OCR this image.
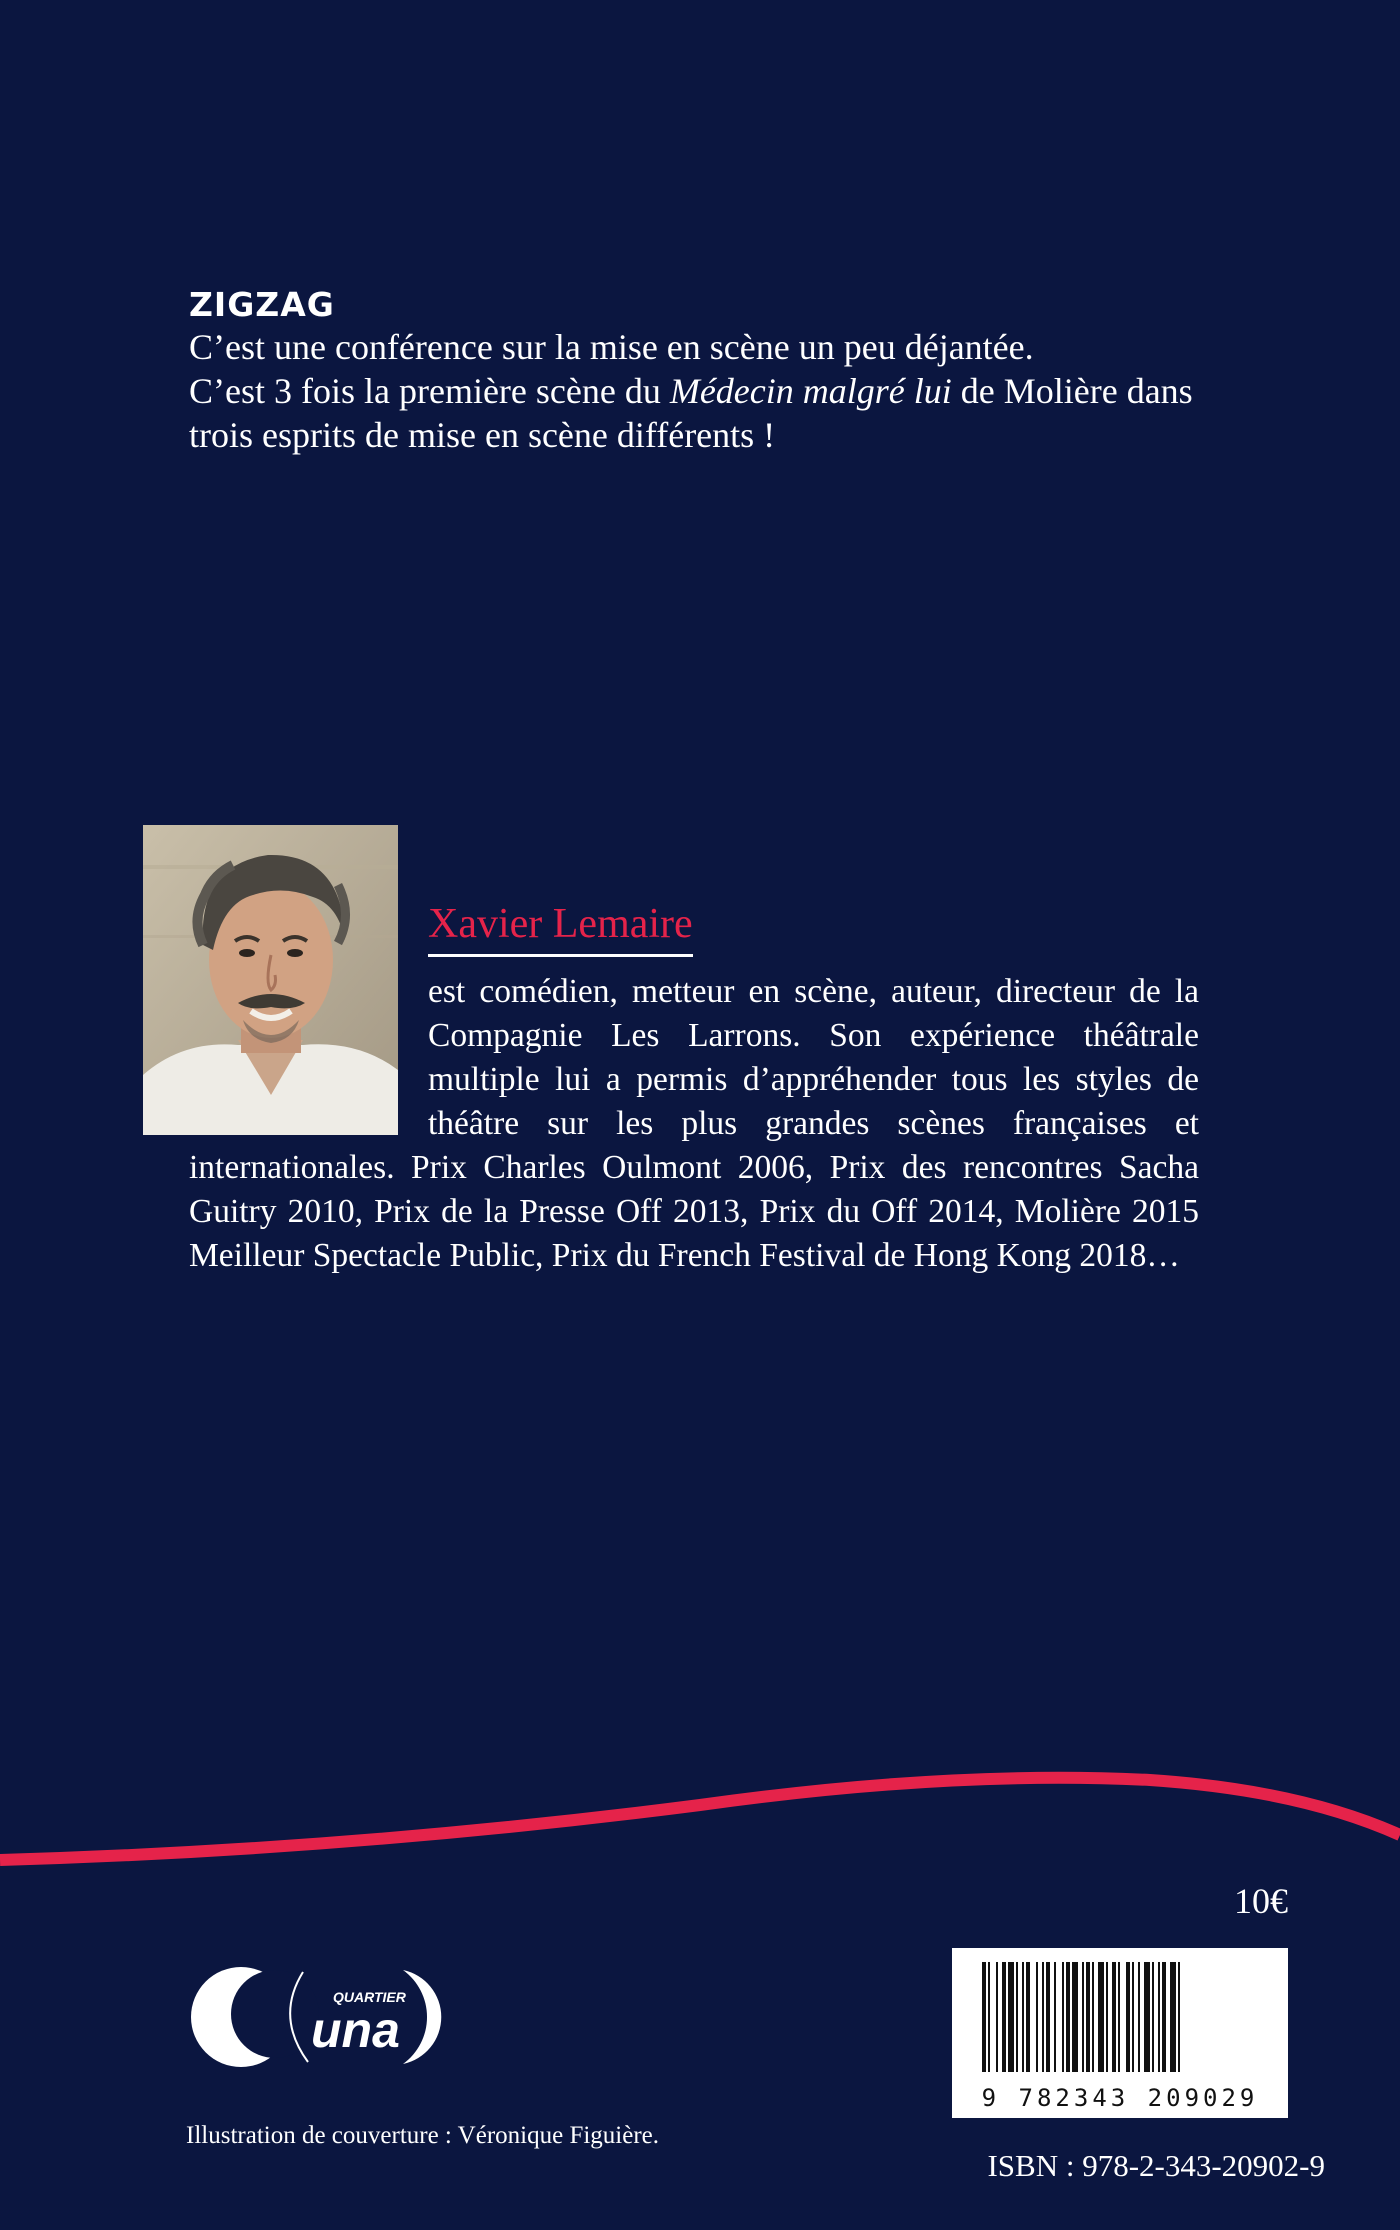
ZIGZAG

C’est une conférence sur la mise en scène un peu déjantée.

C’est 3 fois la première scène du Médecin malgré lui de Molière dans trois esprits de mise en scène différents !

Xavier Lemaire

est comédien, metteur en scène, auteur, directeur de la Compagnie Les Larrons. Son expérience théâtrale multiple lui a permis d’appréhender tous les styles de théâtre sur les plus grandes scènes françaises et internationales. Prix Charles Oulmont 2006, Prix des rencontres Sacha Guitry 2010, Prix de la Presse Off 2013, Prix du Off 2014, Molière 2015 Meilleur Spectacle Public, Prix du French Festival de Hong Kong 2018…

10€
QUARTIER
una
9 782343 209029
Illustration de couverture : Véronique Figuière.
ISBN : 978-2-343-20902-9
